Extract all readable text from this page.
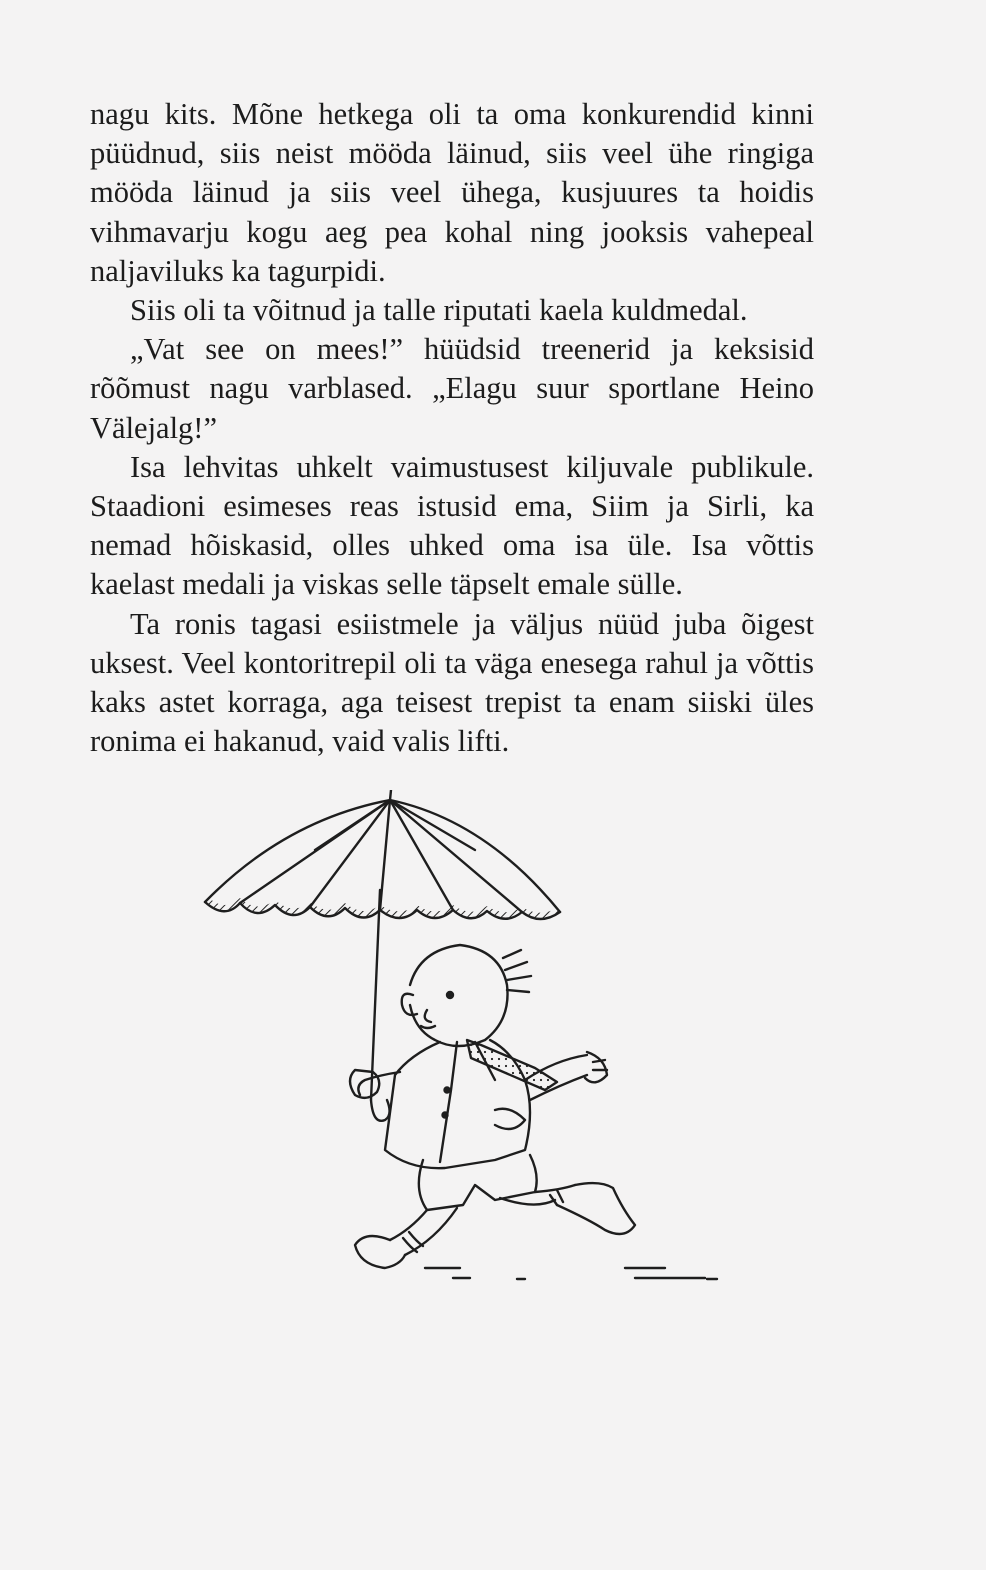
nagu kits. Mõne hetkega oli ta oma konkurendid kinni püüdnud, siis neist mööda läinud, siis veel ühe ringiga mööda läinud ja siis veel ühega, kusjuures ta hoidis vihmavarju kogu aeg pea kohal ning jooksis vahepeal naljaviluks ka tagurpidi.

Siis oli ta võitnud ja talle riputati kaela kuldmedal.

„Vat see on mees!” hüüdsid treenerid ja keksisid rõõmust nagu varblased. „Elagu suur sportlane Heino Välejalg!”

Isa lehvitas uhkelt vaimustusest kiljuvale publikule. Staadioni esimeses reas istusid ema, Siim ja Sirli, ka nemad hõiskasid, olles uhked oma isa üle. Isa võttis kaelast medali ja viskas selle täpselt emale sülle.

Ta ronis tagasi esiistmele ja väljus nüüd juba õigest uksest. Veel kontoritrepil oli ta väga enesega rahul ja võttis kaks astet korraga, aga teisest trepist ta enam siiski üles ronima ei hakanud, vaid valis lifti.
